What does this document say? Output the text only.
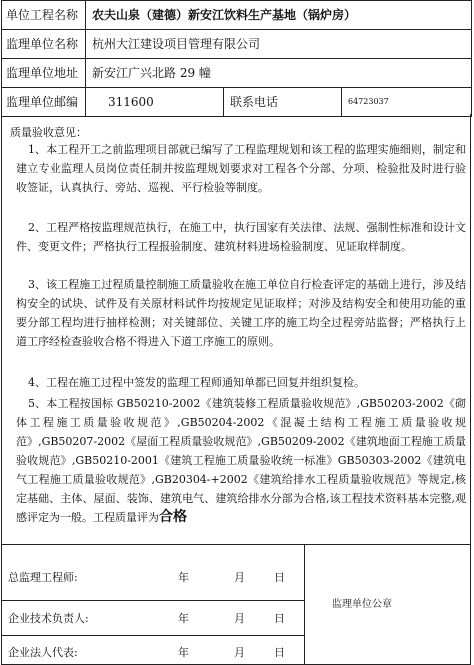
单位工程名称	农夫山泉（建德）新安江饮料生产基地（锅炉房）		
监理单位名称	杭州大江建设项目管理有限公司		
监理单位地址	新安江广兴北路 29 幢		
监理单位邮编	311600	联系电话	64723037
质量验收意见：
1、本工程开工之前监理项目部就已编写了工程监理规划和该工程的监理实施细则，制定和建立专业监理人员岗位责任制并按监理规划要求对工程各个分部、分项、检验批及时进行验收签证，认真执行、旁站、巡视、平行检验等制度。
2、工程严格按监理规范执行，在施工中，执行国家有关法律、法规、强制性标准和设计文件、变更文件；严格执行工程报验制度、建筑材料进场检验制度、见证取样制度。
3、该工程施工过程质量控制施工质量验收在施工单位自行检查评定的基础上进行，涉及结构安全的试块、试件及有关原材料试件均按规定见证取样；对涉及结构安全和使用功能的重要分部工程均进行抽样检测；对关键部位、关键工序的施工均全过程旁站监督；严格执行上道工序经检查验收合格不得进入下道工序施工的原则。
4、工程在施工过程中签发的监理工程师通知单都已回复并组织复检。
5、本工程按国标 GB50210-2002《建筑装修工程质量验收规范》,GB50203-2002《砌体工程施工质量验收规范》,GB50204-2002《混凝土结构工程施工质量验收规范》,GB50207-2002《屋面工程质量验收规范》,GB50209-2002《建筑地面工程施工质量验收规范》,GB50210-2001《建筑工程施工质量验收统一标准》GB50303-2002《建筑电气工程施工质量验收规范》,GB20304-+2002《建筑给排水工程质量验收规范》等规定,核定基础、主体、屋面、装饰、建筑电气、建筑给排水分部为合格,该工程技术资料基本完整,观感评定为一般。工程质量评为合格
总监理工程师:	年	月	日
企业技术负责人:	年	月	日
企业法人代表:	年	月	日
监理单位公章
